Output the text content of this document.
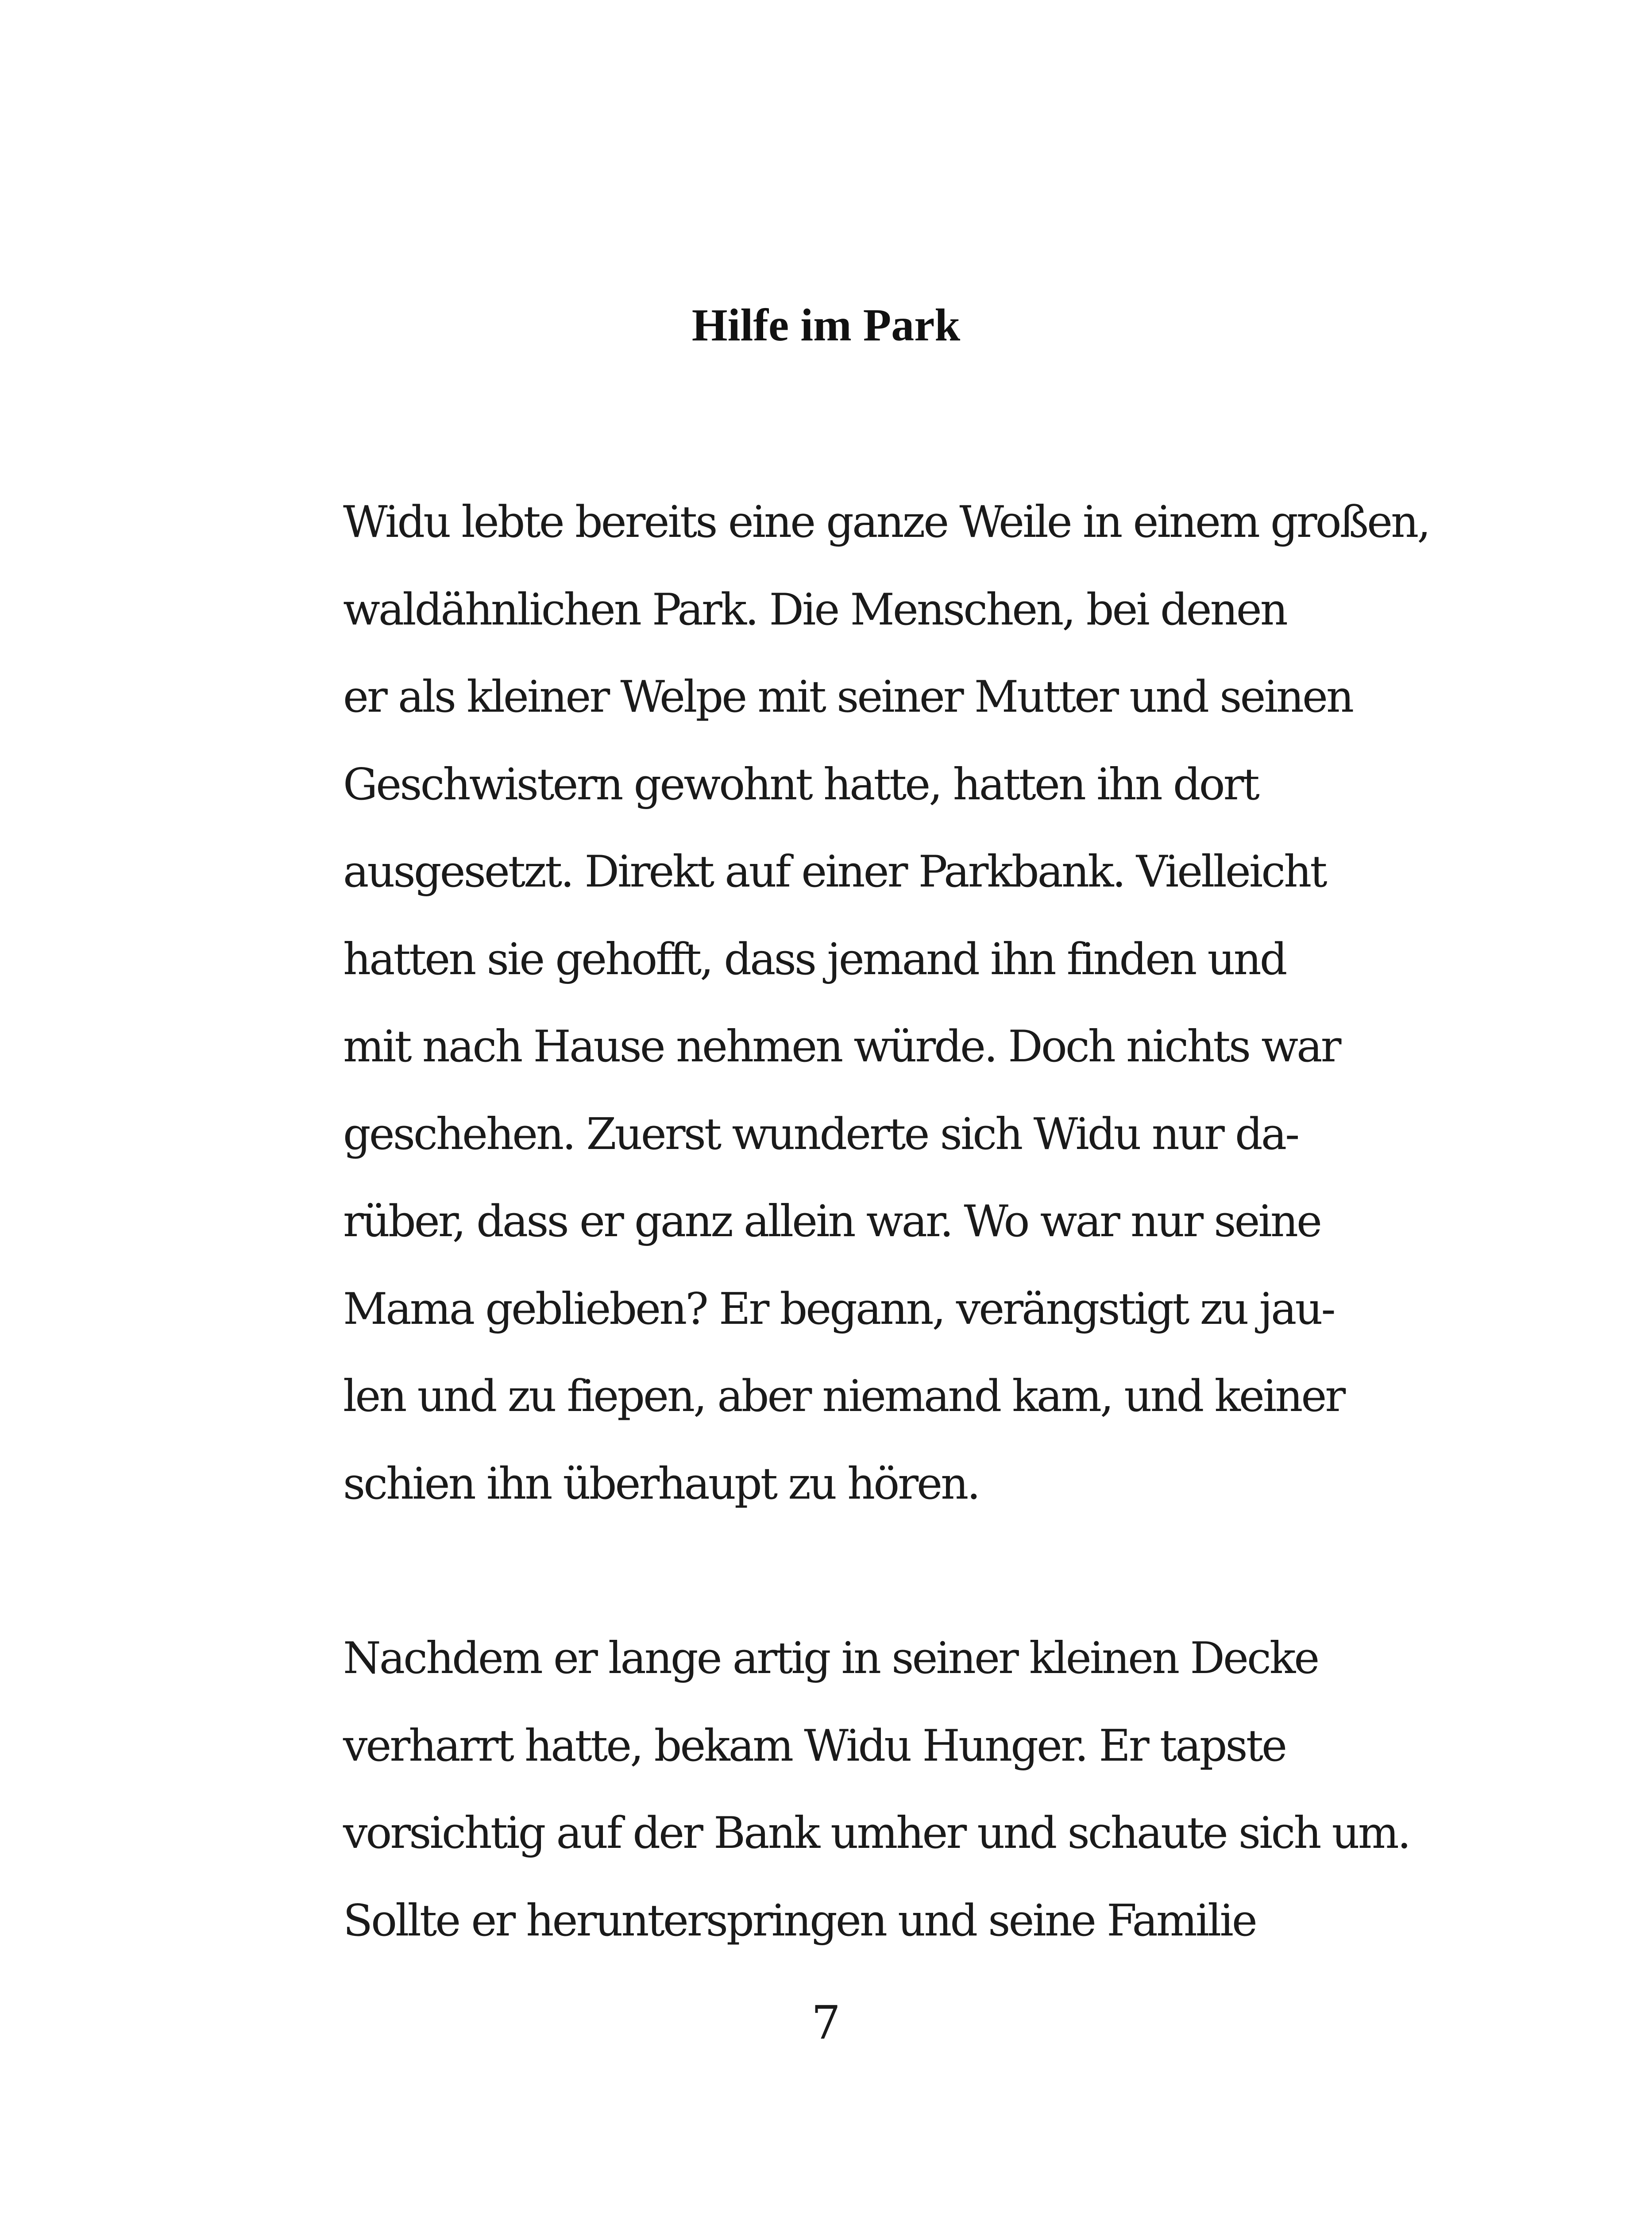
Hilfe im Park
Widu lebte bereits eine ganze Weile in einem großen,
waldähnlichen Park. Die Menschen, bei denen
er als kleiner Welpe mit seiner Mutter und seinen
Geschwistern gewohnt hatte, hatten ihn dort
ausgesetzt. Direkt auf einer Parkbank. Vielleicht
hatten sie gehofft, dass jemand ihn finden und
mit nach Hause nehmen würde. Doch nichts war
geschehen. Zuerst wunderte sich Widu nur da-
rüber, dass er ganz allein war. Wo war nur seine
Mama geblieben? Er begann, verängstigt zu jau-
len und zu fiepen, aber niemand kam, und keiner
schien ihn überhaupt zu hören.
Nachdem er lange artig in seiner kleinen Decke
verharrt hatte, bekam Widu Hunger. Er tapste
vorsichtig auf der Bank umher und schaute sich um.
Sollte er herunterspringen und seine Familie
7
